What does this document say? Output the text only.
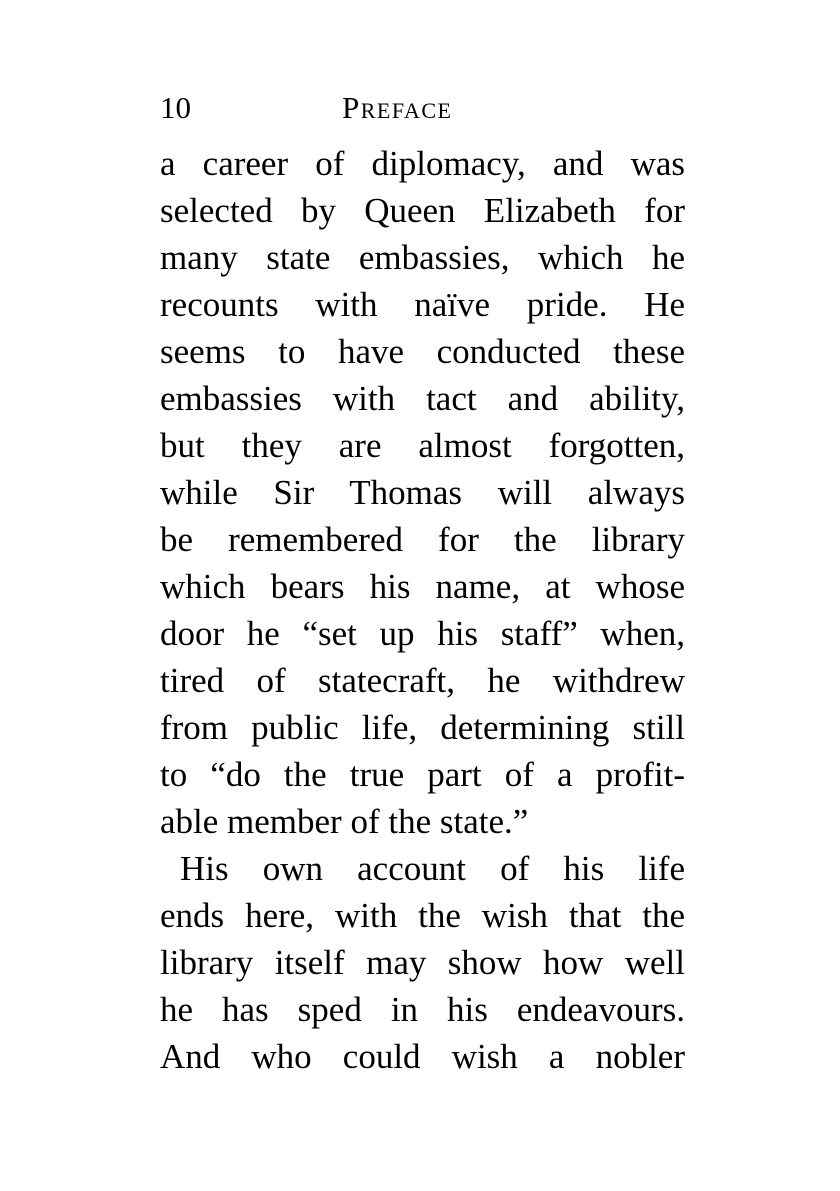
10	Preface
a career of diplomacy, and was
selected by Queen Elizabeth for
many state embassies, which he
recounts with naïve pride. He
seems to have conducted these
embassies with tact and ability,
but they are almost forgotten,
while Sir Thomas will always
be remembered for the library
which bears his name, at whose
door he “set up his staff” when,
tired of statecraft, he withdrew
from public life, determining still
to “do the true part of a profit-
able member of the state.”
His own account of his life
ends here, with the wish that the
library itself may show how well
he has sped in his endeavours.
And who could wish a nobler
